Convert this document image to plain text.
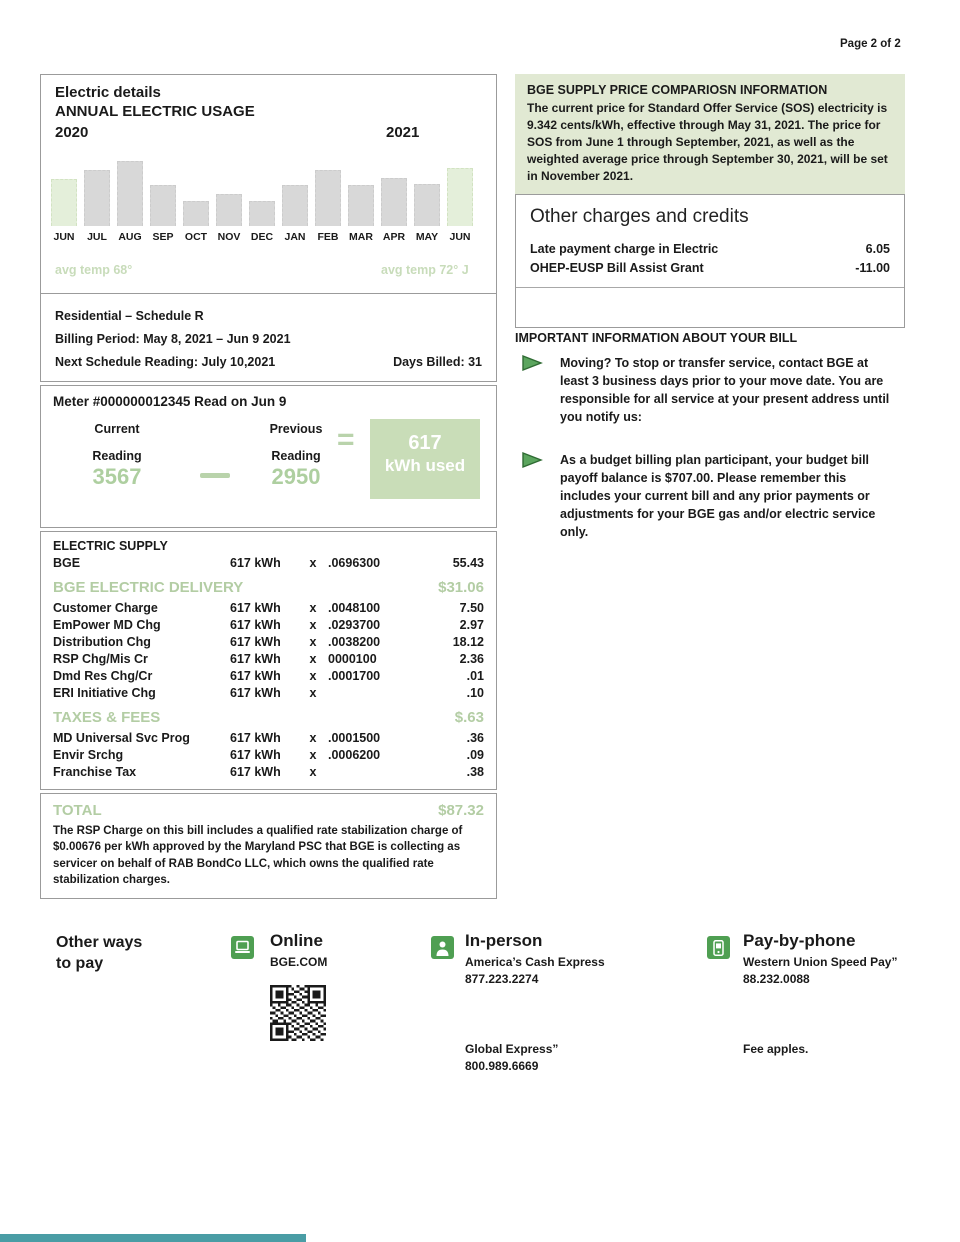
Page 2 of 2
Electric details
ANNUAL ELECTRIC USAGE
2020	2021
JUN JUL AUG SEP OCT NOV DEC JAN FEB MAR APR MAY JUN
avg temp 68°	avg temp 72° J
Residential – Schedule R
Billing Period: May 8, 2021 – Jun 9 2021
Next Schedule Reading: July 10,2021	Days Billed: 31
Meter #000000012345 Read on Jun 9
Current
Reading
3567
Previous
Reading
2950
=	617
kWh used
ELECTRIC SUPPLY
BGE	617 kWh	x .0696300	55.43
BGE ELECTRIC DELIVERY	$31.06
Customer Charge	617 kWh	x .0048100	7.50
EmPower MD Chg	617 kWh	x .0293700	2.97
Distribution Chg	617 kWh	x .0038200	18.12
RSP Chg/Mis Cr	617 kWh	x 0000100	2.36
Dmd Res Chg/Cr	617 kWh	x .0001700	.01
ERI Initiative Chg	617 kWh	x	.10
TAXES & FEES	$.63
MD Universal Svc Prog	617 kWh	x .0001500	.36
Envir Srchg	617 kWh	x .0006200	.09
Franchise Tax	617 kWh	x	.38
TOTAL	$87.32
The RSP Charge on this bill includes a qualified rate stabilization charge of $0.00676 per kWh approved by the Maryland PSC that BGE is collecting as servicer on behalf of RAB BondCo LLC, which owns the qualified rate stabilization charges.
BGE SUPPLY PRICE COMPARIOSN INFORMATION
The current price for Standard Offer Service (SOS) electricity is 9.342 cents/kWh, effective through May 31, 2021. The price for SOS from June 1 through September, 2021, as well as the weighted average price through September 30, 2021, will be set in November 2021.
Other charges and credits
Late payment charge in Electric	6.05
OHEP-EUSP Bill Assist Grant	-11.00
IMPORTANT INFORMATION ABOUT YOUR BILL
Moving? To stop or transfer service, contact BGE at least 3 business days prior to your move date. You are responsible for all service at your present address until you notify us:
As a budget billing plan participant, your budget bill payoff balance is $707.00. Please remember this includes your current bill and any prior payments or adjustments for your BGE gas and/or electric service only.
Other ways
to pay
Online
BGE.COM
In-person
America’s Cash Express
877.223.2274
Global Express”
800.989.6669
Pay-by-phone
Western Union Speed Pay”
88.232.0088
Fee apples.
